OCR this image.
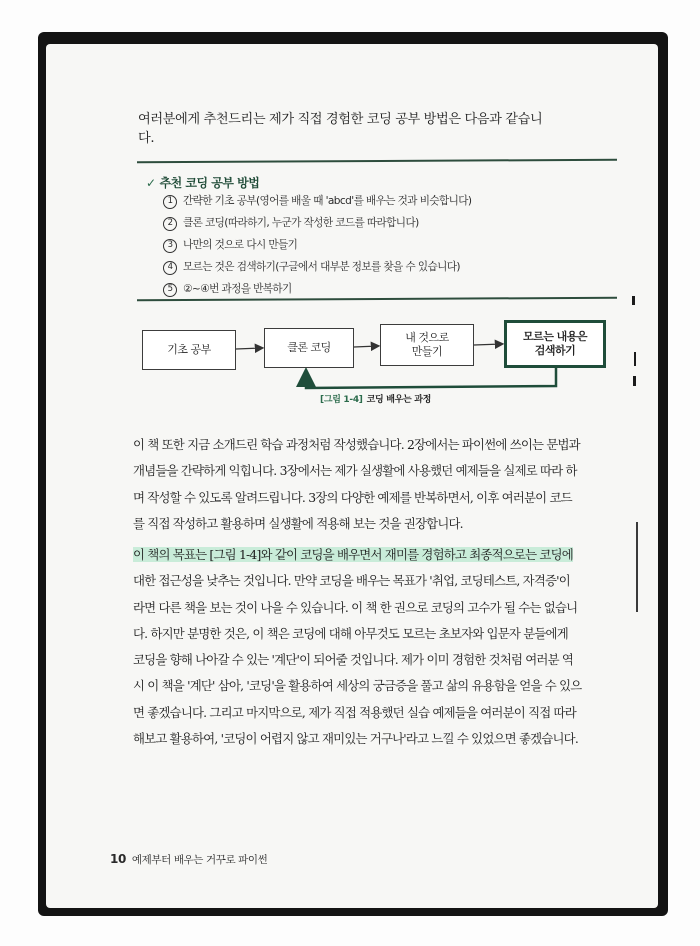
여러분에게 추천드리는 제가 직접 경험한 코딩 공부 방법은 다음과 같습니다.
✓ 추천 코딩 공부 방법
1 간략한 기초 공부(영어를 배울 때 'abcd'를 배우는 것과 비슷합니다)
2 클론 코딩(따라하기, 누군가 작성한 코드를 따라합니다)
3 나만의 것으로 다시 만들기
4 모르는 것은 검색하기(구글에서 대부분 정보를 찾을 수 있습니다)
5 ②~④번 과정을 반복하기
기초 공부	클론 코딩
내 것으로
만들기
모르는 내용은
검색하기
[그림 1-4] 코딩 배우는 과정
이 책 또한 지금 소개드린 학습 과정처럼 작성했습니다. 2장에서는 파이썬에 쓰이는 문법과
개념들을 간략하게 익힙니다. 3장에서는 제가 실생활에 사용했던 예제들을 실제로 따라 하
며 작성할 수 있도록 알려드립니다. 3장의 다양한 예제를 반복하면서, 이후 여러분이 코드
를 직접 작성하고 활용하며 실생활에 적용해 보는 것을 권장합니다.
이 책의 목표는 [그림 1-4]와 같이 코딩을 배우면서 재미를 경험하고 최종적으로는 코딩에
대한 접근성을 낮추는 것입니다. 만약 코딩을 배우는 목표가 '취업, 코딩테스트, 자격증'이
라면 다른 책을 보는 것이 나을 수 있습니다. 이 책 한 권으로 코딩의 고수가 될 수는 없습니
다. 하지만 분명한 것은, 이 책은 코딩에 대해 아무것도 모르는 초보자와 입문자 분들에게
코딩을 향해 나아갈 수 있는 '계단'이 되어줄 것입니다. 제가 이미 경험한 것처럼 여러분 역
시 이 책을 '계단' 삼아, '코딩'을 활용하여 세상의 궁금증을 풀고 삶의 유용함을 얻을 수 있으
면 좋겠습니다. 그리고 마지막으로, 제가 직접 적용했던 실습 예제들을 여러분이 직접 따라
해보고 활용하여, '코딩이 어렵지 않고 재미있는 거구나'라고 느낄 수 있었으면 좋겠습니다.
10 예제부터 배우는 거꾸로 파이썬
